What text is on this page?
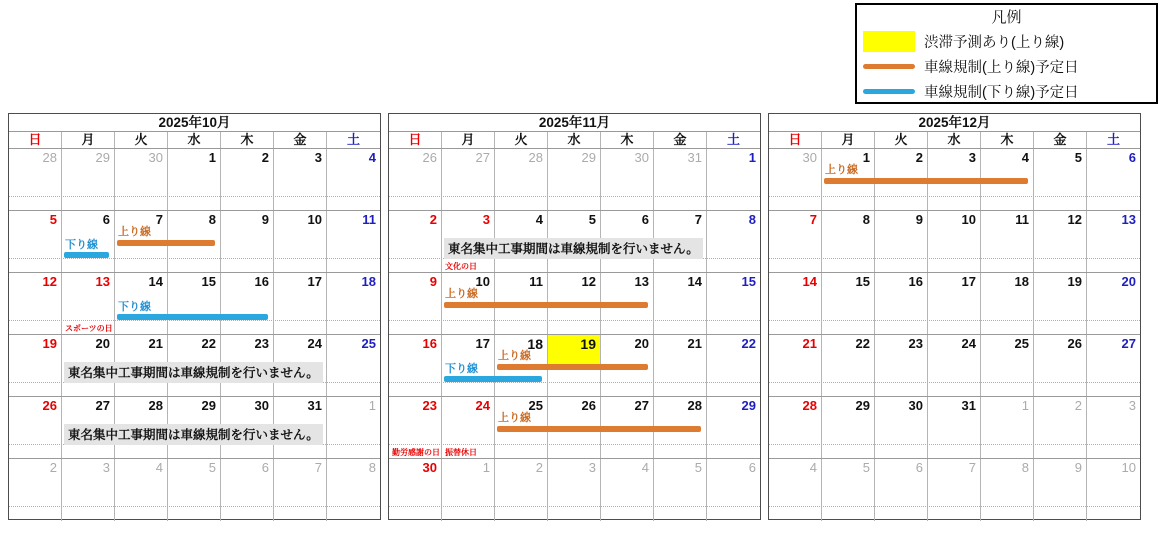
凡例
渋滞予測あり(上り線)
車線規制(上り線)予定日
車線規制(下り線)予定日
2025年10月
日	月	火	水	木	金	土
28	29	30	1	2	3	4
5	6	7	8	9	10	11
上り線
下り線
12	13	14	15	16	17	18
スポーツの日
下り線
19	20	21	22	23	24	25
東名集中工事期間は車線規制を行いません。
26	27	28	29	30	31	1
東名集中工事期間は車線規制を行いません。
2	3	4	5	6	7	8
2025年11月
日	月	火	水	木	金	土
26	27	28	29	30	31	1
2	3	4	5	6	7	8
文化の日
東名集中工事期間は車線規制を行いません。
9	10	11	12	13	14	15
上り線
16	17	18	19	20	21	22
上り線
下り線
23	24	25	26	27	28	29
勤労感謝の日 振替休日
上り線
30	1	2	3	4	5	6
2025年12月
日	月	火	水	木	金	土
30	1	2	3	4	5	6
上り線
7	8	9	10	11	12	13
14	15	16	17	18	19	20
21	22	23	24	25	26	27
28	29	30	31	1	2	3
4	5	6	7	8	9	10
